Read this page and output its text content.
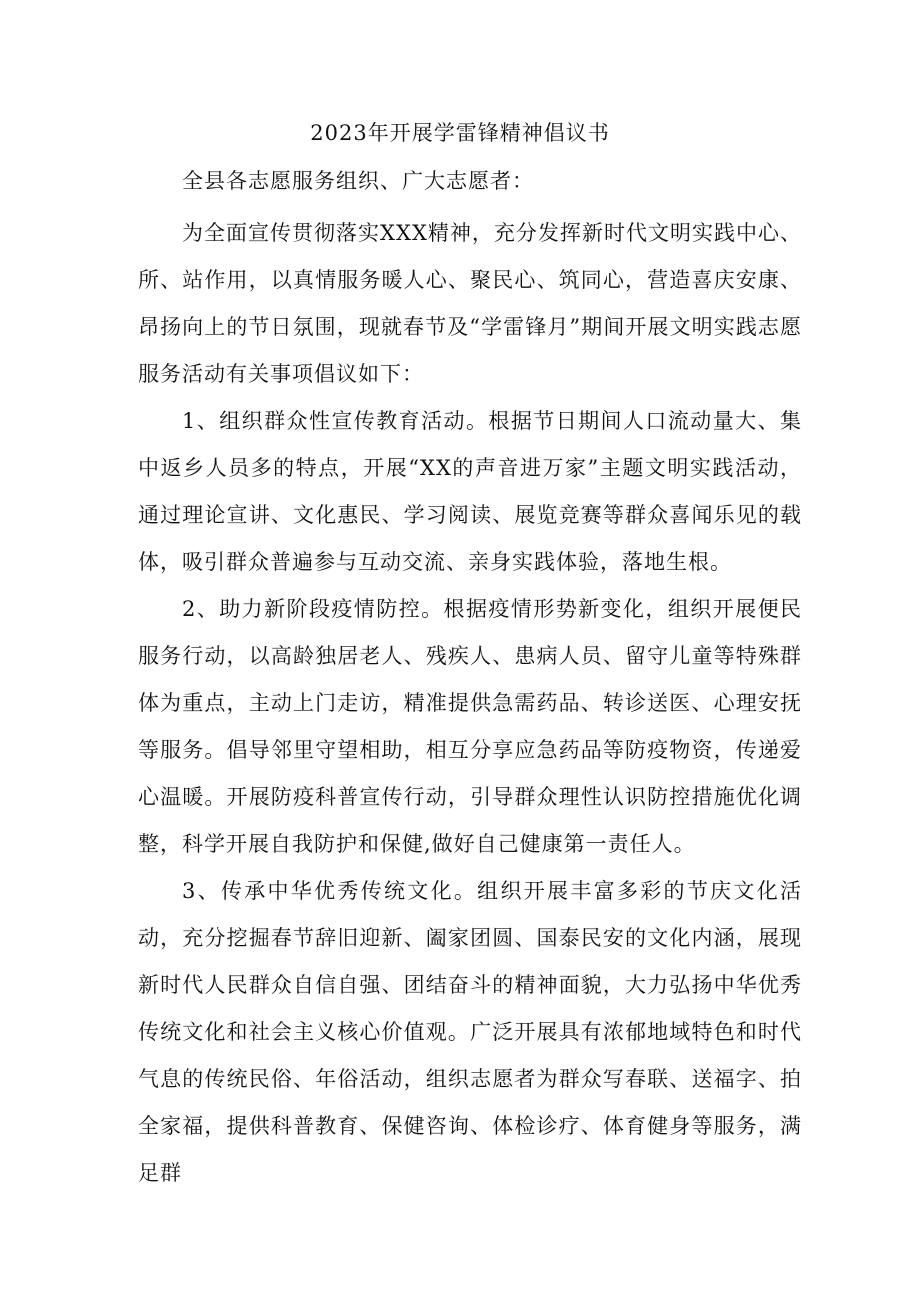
2023年开展学雷锋精神倡议书
全县各志愿服务组织、广大志愿者：

为全面宣传贯彻落实XXX精神，充分发挥新时代文明实践中心、所、站作用，以真情服务暖人心、聚民心、筑同心，营造喜庆安康、昂扬向上的节日氛围，现就春节及“学雷锋月”期间开展文明实践志愿服务活动有关事项倡议如下：

1、组织群众性宣传教育活动。根据节日期间人口流动量大、集中返乡人员多的特点，开展“XX的声音进万家”主题文明实践活动，通过理论宣讲、文化惠民、学习阅读、展览竞赛等群众喜闻乐见的载体，吸引群众普遍参与互动交流、亲身实践体验，落地生根。

2、助力新阶段疫情防控。根据疫情形势新变化，组织开展便民服务行动，以高龄独居老人、残疾人、患病人员、留守儿童等特殊群体为重点，主动上门走访，精准提供急需药品、转诊送医、心理安抚等服务。倡导邻里守望相助，相互分享应急药品等防疫物资，传递爱心温暖。开展防疫科普宣传行动，引导群众理性认识防控措施优化调整，科学开展自我防护和保健,做好自己健康第一责任人。

3、传承中华优秀传统文化。组织开展丰富多彩的节庆文化活动，充分挖掘春节辞旧迎新、阖家团圆、国泰民安的文化内涵，展现新时代人民群众自信自强、团结奋斗的精神面貌，大力弘扬中华优秀传统文化和社会主义核心价值观。广泛开展具有浓郁地域特色和时代气息的传统民俗、年俗活动，组织志愿者为群众写春联、送福字、拍全家福，提供科普教育、保健咨询、体检诊疗、体育健身等服务，满足群
